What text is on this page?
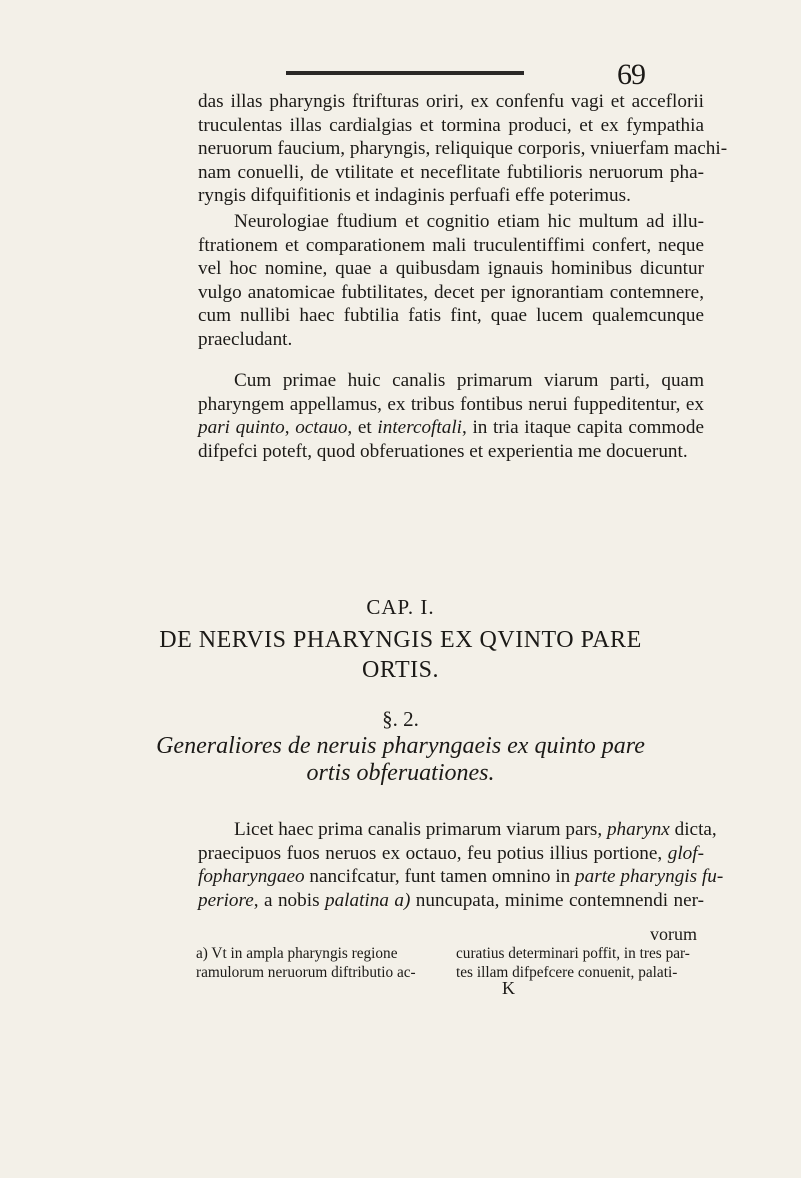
69

das illas pharyngis ftrifturas oriri, ex confenfu vagi et acceflorii
truculentas illas cardialgias et tormina produci, et ex fympathia
neruorum faucium, pharyngis, reliquique corporis, vniuerfam machi-
nam conuelli, de vtilitate et neceflitate fubtilioris neruorum pha-
ryngis difquifitionis et indaginis perfuafi effe poterimus.

Neurologiae ftudium et cognitio etiam hic multum ad illu-
ftrationem et comparationem mali truculentiffimi confert, neque
vel hoc nomine, quae a quibusdam ignauis hominibus dicuntur
vulgo anatomicae fubtilitates, decet per ignorantiam contemnere,
cum nullibi haec fubtilia fatis fint, quae lucem qualemcunque
praecludant.

Cum primae huic canalis primarum viarum parti, quam
pharyngem appellamus, ex tribus fontibus nerui fuppeditentur, ex
pari quinto, octauo, et intercoftali, in tria itaque capita commode
difpefci poteft, quod obferuationes et experientia me docuerunt.

CAP. I.
DE NERVIS PHARYNGIS EX QVINTO PARE
ORTIS.
§. 2.
Generaliores de neruis pharyngaeis ex quinto pare
ortis obferuationes.

Licet haec prima canalis primarum viarum pars, pharynx dicta,
praecipuos fuos neruos ex octauo, feu potius illius portione, glof-
fopharyngaeo nancifcatur, funt tamen omnino in parte pharyngis fu-
periore, a nobis palatina a) nuncupata, minime contemnendi ner-

vorum
a) Vt in ampla pharyngis regione
ramulorum neruorum diftributio ac-
curatius determinari poffit, in tres par-
tes illam difpefcere conuenit, palati-
K
